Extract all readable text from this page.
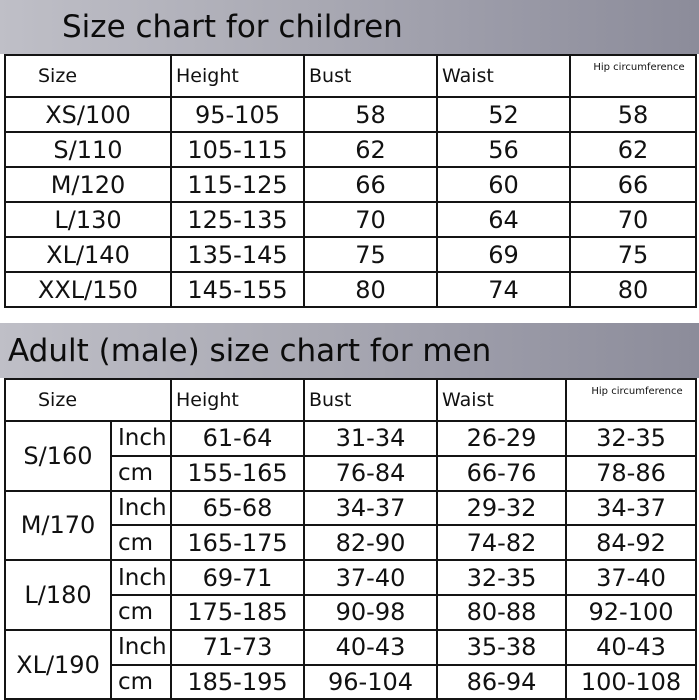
Size chart for children
Size	Height	Bust	Waist	Hip circumference
XS/100	95-105	58	52	58
S/110	105-115	62	56	62
M/120	115-125	66	60	66
L/130	125-135	70	64	70
XL/140	135-145	75	69	75
XXL/150	145-155	80	74	80
Adult (male) size chart for men
Size		Height	Bust	Waist	Hip circumference
S/160	Inch	61-64	31-34	26-29	32-35
	cm	155-165	76-84	66-76	78-86
M/170	Inch	65-68	34-37	29-32	34-37
	cm	165-175	82-90	74-82	84-92
L/180	Inch	69-71	37-40	32-35	37-40
	cm	175-185	90-98	80-88	92-100
XL/190	Inch	71-73	40-43	35-38	40-43
	cm	185-195	96-104	86-94	100-108
